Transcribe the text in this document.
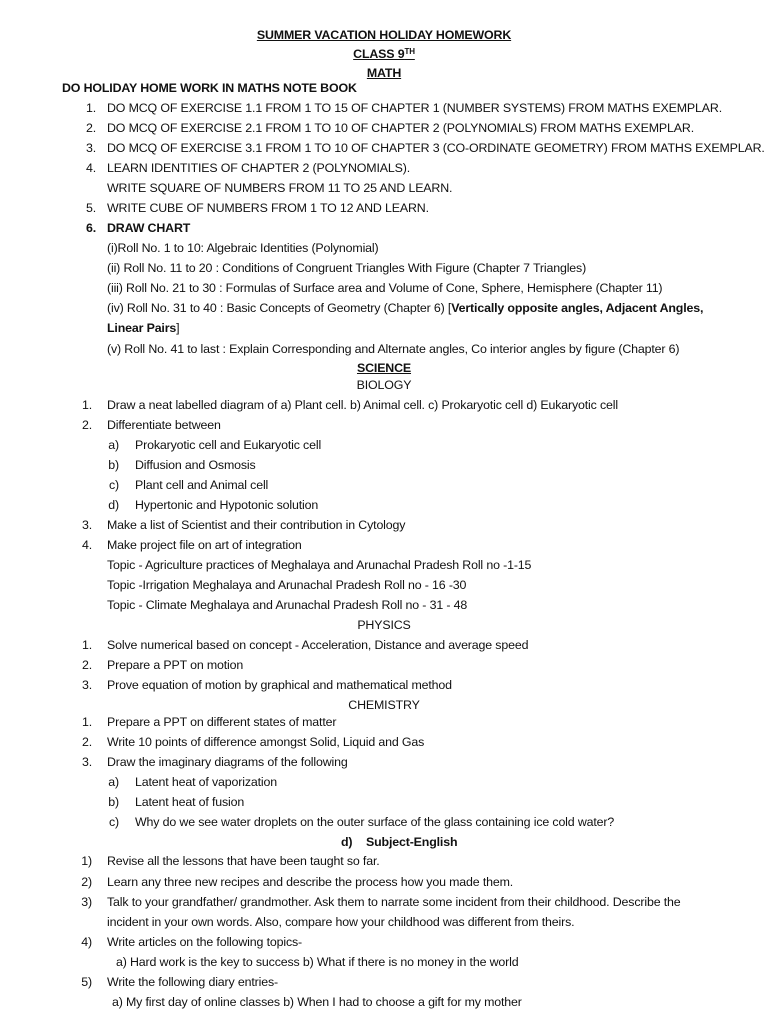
SUMMER VACATION HOLIDAY HOMEWORK
CLASS 9TH
MATH
DO HOLIDAY HOME WORK IN MATHS NOTE BOOK
1. DO MCQ OF EXERCISE 1.1 FROM 1 TO 15 OF CHAPTER 1 (NUMBER SYSTEMS) FROM MATHS EXEMPLAR.
2. DO MCQ OF EXERCISE 2.1 FROM 1 TO 10 OF CHAPTER 2 (POLYNOMIALS) FROM MATHS EXEMPLAR.
3. DO MCQ OF EXERCISE 3.1 FROM 1 TO 10 OF CHAPTER 3 (CO-ORDINATE GEOMETRY) FROM MATHS EXEMPLAR.
4. LEARN IDENTITIES OF CHAPTER 2 (POLYNOMIALS).
WRITE SQUARE OF NUMBERS FROM 11 TO 25 AND LEARN.
5. WRITE CUBE OF NUMBERS FROM 1 TO 12 AND LEARN.
6. DRAW CHART
(i)Roll No. 1 to 10: Algebraic Identities (Polynomial)
(ii) Roll No. 11 to 20 : Conditions of Congruent Triangles With Figure (Chapter 7 Triangles)
(iii) Roll No. 21 to 30 : Formulas of Surface area and Volume of Cone, Sphere, Hemisphere (Chapter 11)
(iv) Roll No. 31 to 40 : Basic Concepts of Geometry (Chapter 6) [Vertically opposite angles, Adjacent Angles,
Linear Pairs]
(v) Roll No. 41 to last : Explain Corresponding and Alternate angles, Co interior angles by figure (Chapter 6)
SCIENCE
BIOLOGY
1. Draw a neat labelled diagram of a) Plant cell. b) Animal cell. c) Prokaryotic cell d) Eukaryotic cell
2. Differentiate between
a) Prokaryotic cell and Eukaryotic cell
b) Diffusion and Osmosis
c) Plant cell and Animal cell
d) Hypertonic and Hypotonic solution
3. Make a list of Scientist and their contribution in Cytology
4. Make project file on art of integration
Topic - Agriculture practices of Meghalaya and Arunachal Pradesh Roll no -1-15
Topic -Irrigation Meghalaya and Arunachal Pradesh Roll no - 16 -30
Topic - Climate Meghalaya and Arunachal Pradesh Roll no - 31 - 48
PHYSICS
1. Solve numerical based on concept - Acceleration, Distance and average speed
2. Prepare a PPT on motion
3. Prove equation of motion by graphical and mathematical method
CHEMISTRY
1. Prepare a PPT on different states of matter
2. Write 10 points of difference amongst Solid, Liquid and Gas
3. Draw the imaginary diagrams of the following
a) Latent heat of vaporization
b) Latent heat of fusion
c) Why do we see water droplets on the outer surface of the glass containing ice cold water?
d) Subject-English
1) Revise all the lessons that have been taught so far.
2) Learn any three new recipes and describe the process how you made them.
3) Talk to your grandfather/ grandmother. Ask them to narrate some incident from their childhood. Describe the
incident in your own words. Also, compare how your childhood was different from theirs.
4) Write articles on the following topics-
a) Hard work is the key to success b) What if there is no money in the world
5) Write the following diary entries-
a) My first day of online classes b) When I had to choose a gift for my mother
